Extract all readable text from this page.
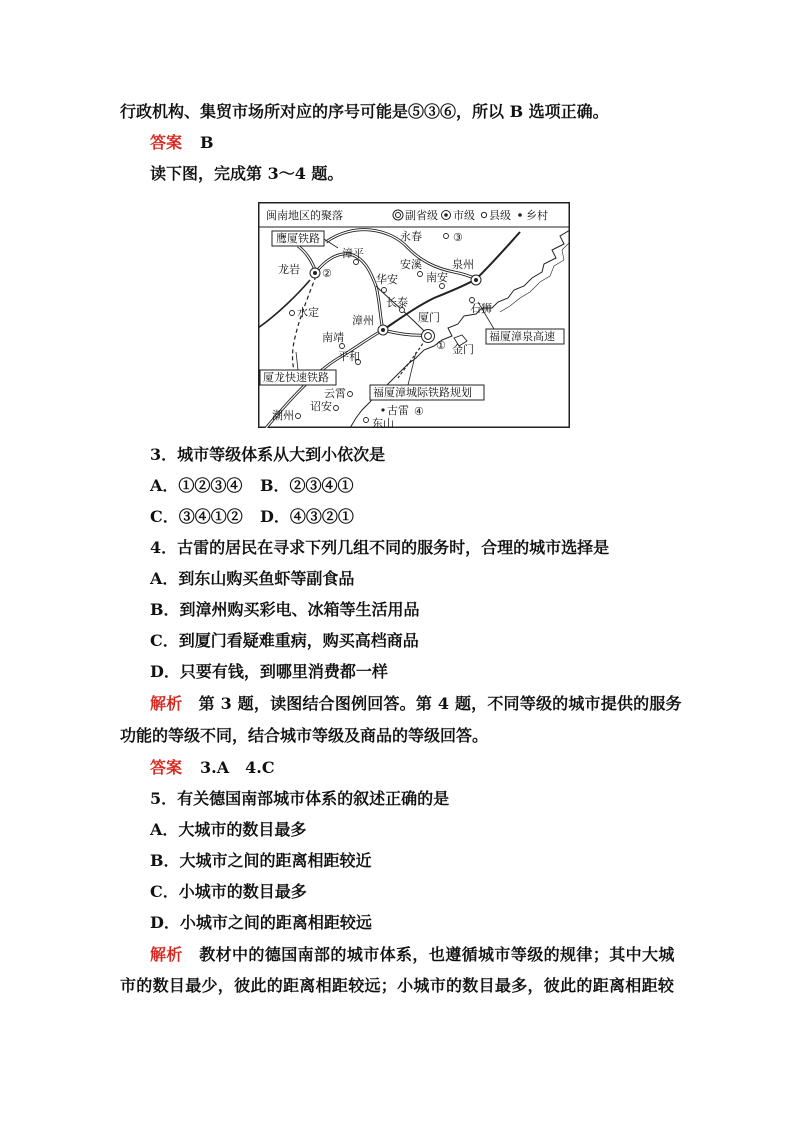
行政机构、集贸市场所对应的序号可能是⑤③⑥，所以 B 选项正确。
答案 B
读下图，完成第 3～4 题。
闽南地区的聚落	副省级 市级 县级 乡村
鹰厦铁路
厦龙快速铁路
福厦漳城际铁路规划
福厦漳泉高速
永春	③
漳平
龙岩 ②
安溪
华安
泉州
南安
水定
长泰
漳州
石狮
厦门
① 金门
南靖
平和
云霄
诏安	古雷 ④
潮州
东山
3．城市等级体系从大到小依次是
A．①②③④ B．②③④①
C．③④①② D．④③②①
4．古雷的居民在寻求下列几组不同的服务时，合理的城市选择是
A．到东山购买鱼虾等副食品
B．到漳州购买彩电、冰箱等生活用品
C．到厦门看疑难重病，购买高档商品
D．只要有钱，到哪里消费都一样
解析　第 3 题，读图结合图例回答。第 4 题，不同等级的城市提供的服务
功能的等级不同，结合城市等级及商品的等级回答。
答案 3.A　4.C
5．有关德国南部城市体系的叙述正确的是
A．大城市的数目最多
B．大城市之间的距离相距较近
C．小城市的数目最多
D．小城市之间的距离相距较远
解析　教材中的德国南部的城市体系，也遵循城市等级的规律；其中大城
市的数目最少，彼此的距离相距较远；小城市的数目最多，彼此的距离相距较
